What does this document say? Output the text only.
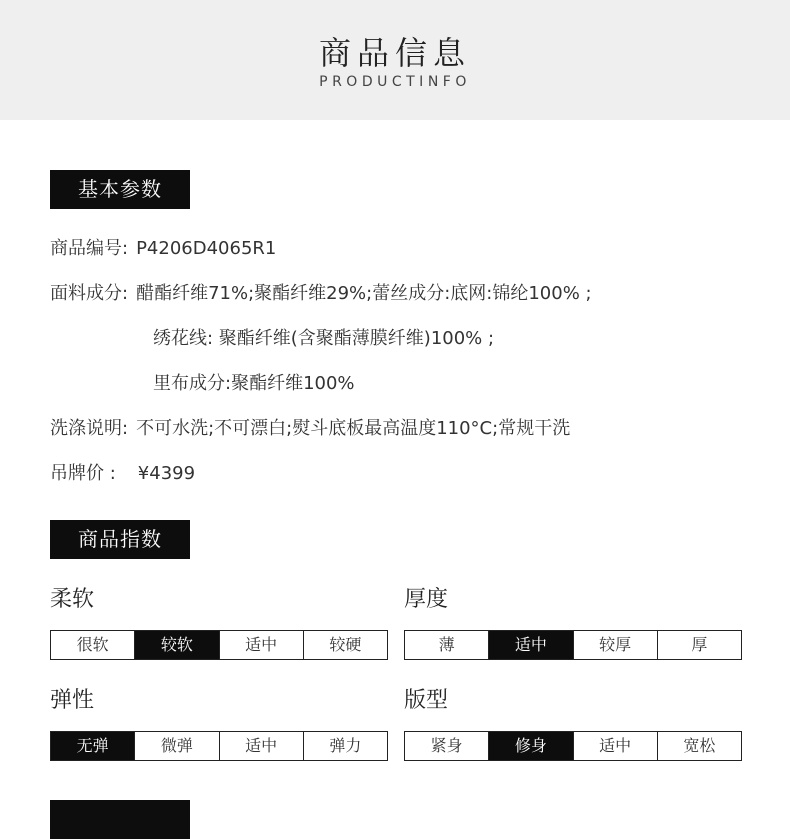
商品信息
PRODUCTINFO
基本参数
商品编号: P4206D4065R1
面料成分: 醋酯纤维71%;聚酯纤维29%;蕾丝成分:底网:锦纶100% ;
绣花线: 聚酯纤维(含聚酯薄膜纤维)100% ;
里布成分:聚酯纤维100%
洗涤说明: 不可水洗;不可漂白;熨斗底板最高温度110°C;常规干洗
吊牌价 : ¥4399
商品指数
柔软
很软	较软	适中	较硬
厚度
薄	适中	较厚	厚
弹性
无弹	微弹	适中	弹力
版型
紧身	修身	适中	宽松
